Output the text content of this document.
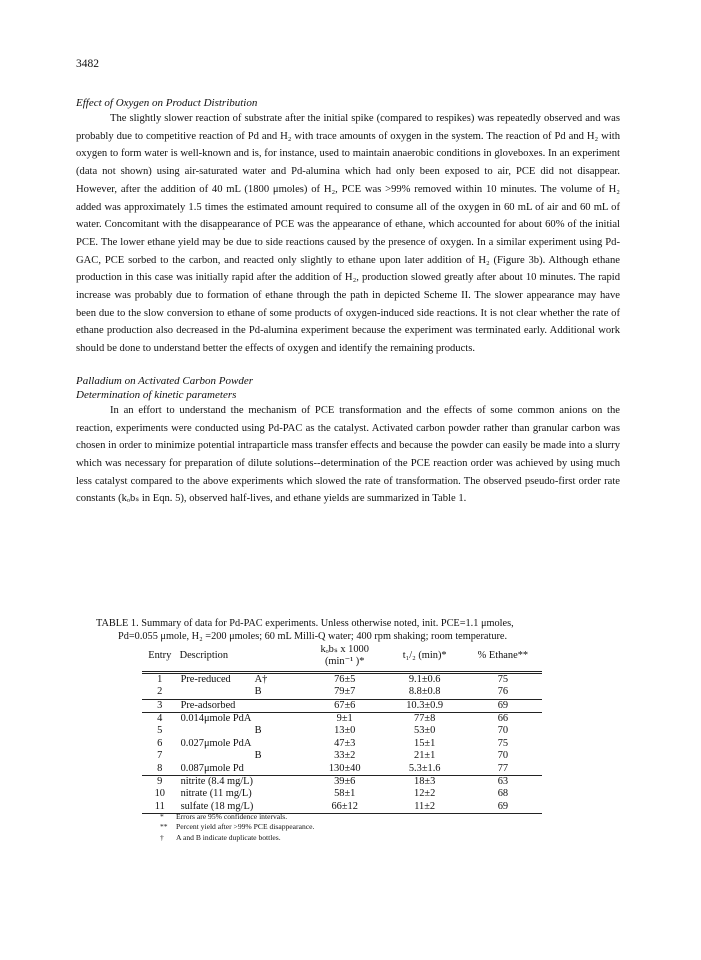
3482

Effect of Oxygen on Product Distribution

The slightly slower reaction of substrate after the initial spike (compared to respikes) was repeatedly observed and was probably due to competitive reaction of Pd and H₂ with trace amounts of oxygen in the system. The reaction of Pd and H₂ with oxygen to form water is well-known and is, for instance, used to maintain anaerobic conditions in gloveboxes. In an experiment (data not shown) using air-saturated water and Pd-alumina which had only been exposed to air, PCE did not disappear. However, after the addition of 40 mL (1800 μmoles) of H₂, PCE was >99% removed within 10 minutes. The volume of H₂ added was approximately 1.5 times the estimated amount required to consume all of the oxygen in 60 mL of air and 60 mL of water. Concomitant with the disappearance of PCE was the appearance of ethane, which accounted for about 60% of the initial PCE. The lower ethane yield may be due to side reactions caused by the presence of oxygen. In a similar experiment using Pd-GAC, PCE sorbed to the carbon, and reacted only slightly to ethane upon later addition of H₂ (Figure 3b). Although ethane production in this case was initially rapid after the addition of H₂, production slowed greatly after about 10 minutes. The rapid increase was probably due to formation of ethane through the path in depicted Scheme II. The slower appearance may have been due to the slow conversion to ethane of some products of oxygen-induced side reactions. It is not clear whether the rate of ethane production also decreased in the Pd-alumina experiment because the experiment was terminated early. Additional work should be done to understand better the effects of oxygen and identify the remaining products.

Palladium on Activated Carbon Powder

Determination of kinetic parameters

In an effort to understand the mechanism of PCE transformation and the effects of some common anions on the reaction, experiments were conducted using Pd-PAC as the catalyst. Activated carbon powder rather than granular carbon was chosen in order to minimize potential intraparticle mass transfer effects and because the powder can easily be made into a slurry which was necessary for preparation of dilute solutions--determination of the PCE reaction order was achieved by using much less catalyst compared to the above experiments which slowed the rate of transformation. The observed pseudo-first order rate constants (kₒbₛ in Eqn. 5), observed half-lives, and ethane yields are summarized in Table 1.

TABLE 1. Summary of data for Pd-PAC experiments. Unless otherwise noted, init. PCE=1.1 μmoles,
Pd=0.055 μmole, H₂ =200 μmoles; 60 mL Milli-Q water; 400 rpm shaking; room temperature.

Entry	Description	kₒbₛ x 1000
(min⁻¹ )*	t₁/₂ (min)*	% Ethane**
1	Pre-reduced A†	76±5	9.1±0.6	75
2	B	79±7	8.8±0.8	76
3	Pre-adsorbed	67±6	10.3±0.9	69
4	0.014μmole PdA	9±1	77±8	66
5	B	13±0	53±0	70
6	0.027μmole PdA	47±3	15±1	75
7	B	33±2	21±1	70
8	0.087μmole Pd	130±40	5.3±1.6	77
9	nitrite (8.4 mg/L)	39±6	18±3	63
10	nitrate (11 mg/L)	58±1	12±2	68
11	sulfate (18 mg/L)	66±12	11±2	69
* Errors are 95% confidence intervals.
** Percent yield after >99% PCE disappearance.
† A and B indicate duplicate bottles.
